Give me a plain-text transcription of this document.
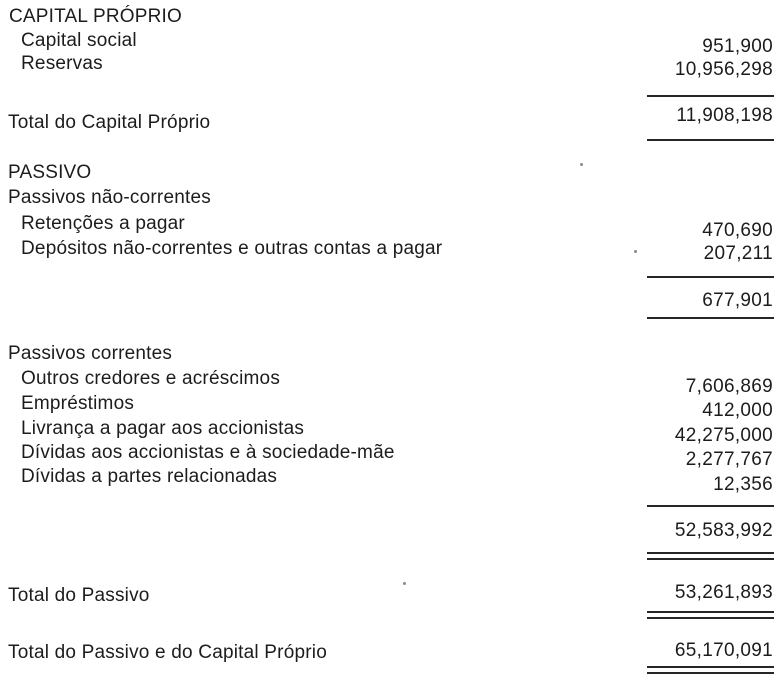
CAPITAL PRÓPRIO
Capital social	951,900
Reservas	10,956,298
Total do Capital Próprio	11,908,198
PASSIVO
Passivos não-correntes
Retenções a pagar	470,690
Depósitos não-correntes e outras contas a pagar	207,211
677,901
Passivos correntes
Outros credores e acréscimos	7,606,869
Empréstimos	412,000
Livrança a pagar aos accionistas	42,275,000
Dívidas aos accionistas e à sociedade-mãe	2,277,767
Dívidas a partes relacionadas	12,356
52,583,992
Total do Passivo	53,261,893
Total do Passivo e do Capital Próprio	65,170,091
